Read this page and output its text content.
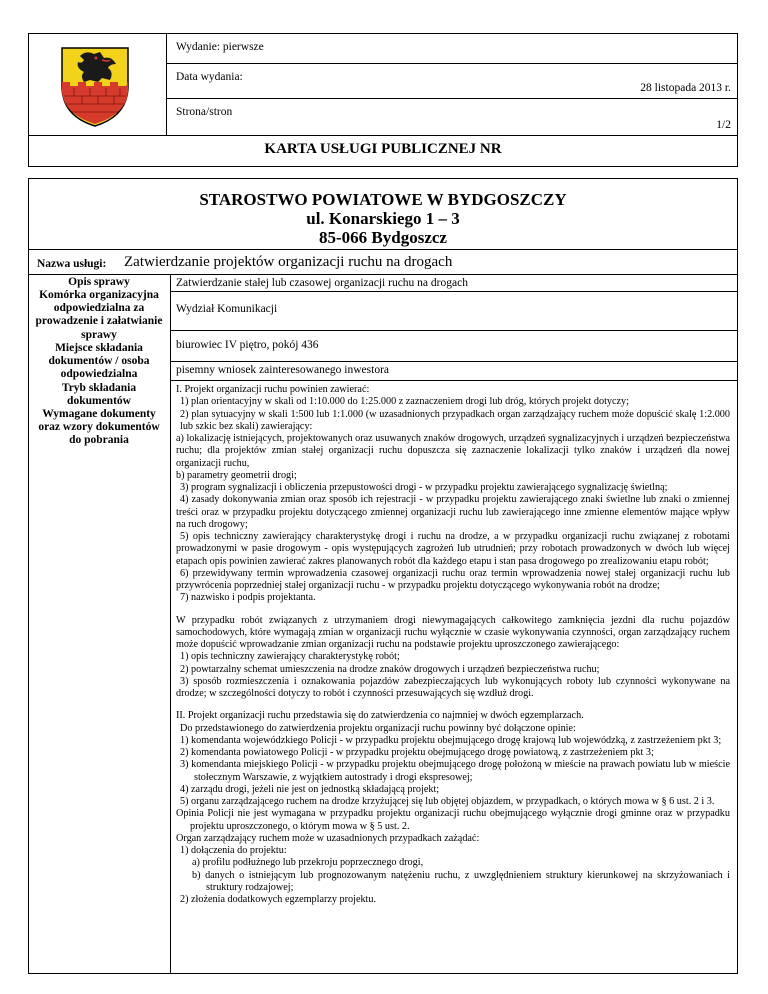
Wydanie: pierwsze
Data wydania:
28 listopada 2013 r.
Strona/stron
1/2
KARTA USŁUGI PUBLICZNEJ NR
STAROSTWO POWIATOWE W BYDGOSZCZY
ul. Konarskiego 1 – 3
85-066 Bydgoszcz
Nazwa usługi: Zatwierdzanie projektów organizacji ruchu na drogach
Opis sprawy
Komórka organizacyjna odpowiedzialna za prowadzenie i załatwianie sprawy
Miejsce składania dokumentów / osoba odpowiedzialna
Tryb składania dokumentów
Wymagane dokumenty oraz wzory dokumentów do pobrania
Zatwierdzanie stałej lub czasowej organizacji ruchu na drogach
Wydział Komunikacji
biurowiec IV piętro, pokój 436
pisemny wniosek zainteresowanego inwestora

I. Projekt organizacji ruchu powinien zawierać:

1) plan orientacyjny w skali od 1:10.000 do 1:25.000 z zaznaczeniem drogi lub dróg, których projekt dotyczy;

2) plan sytuacyjny w skali 1:500 lub 1:1.000 (w uzasadnionych przypadkach organ zarządzający ruchem może dopuścić skalę 1:2.000 lub szkic bez skali) zawierający:

a) lokalizację istniejących, projektowanych oraz usuwanych znaków drogowych, urządzeń sygnalizacyjnych i urządzeń bezpieczeństwa ruchu; dla projektów zmian stałej organizacji ruchu dopuszcza się zaznaczenie lokalizacji tylko znaków i urządzeń dla nowej organizacji ruchu,

b) parametry geometrii drogi;

3) program sygnalizacji i obliczenia przepustowości drogi - w przypadku projektu zawierającego sygnalizację świetlną;

4) zasady dokonywania zmian oraz sposób ich rejestracji - w przypadku projektu zawierającego znaki świetlne lub znaki o zmiennej treści oraz w przypadku projektu dotyczącego zmiennej organizacji ruchu lub zawierającego inne zmienne elementów mające wpływ na ruch drogowy;

5) opis techniczny zawierający charakterystykę drogi i ruchu na drodze, a w przypadku organizacji ruchu związanej z robotami prowadzonymi w pasie drogowym - opis występujących zagrożeń lub utrudnień; przy robotach prowadzonych w dwóch lub więcej etapach opis powinien zawierać zakres planowanych robót dla każdego etapu i stan pasa drogowego po zrealizowaniu etapu robót;

6) przewidywany termin wprowadzenia czasowej organizacji ruchu oraz termin wprowadzenia nowej stałej organizacji ruchu lub przywrócenia poprzedniej stałej organizacji ruchu - w przypadku projektu dotyczącego wykonywania robót na drodze;

7) nazwisko i podpis projektanta.

W przypadku robót związanych z utrzymaniem drogi niewymagających całkowitego zamknięcia jezdni dla ruchu pojazdów samochodowych, które wymagają zmian w organizacji ruchu wyłącznie w czasie wykonywania czynności, organ zarządzający ruchem może dopuścić wprowadzanie zmian organizacji ruchu na podstawie projektu uproszczonego zawierającego:

1) opis techniczny zawierający charakterystykę robót;

2) powtarzalny schemat umieszczenia na drodze znaków drogowych i urządzeń bezpieczeństwa ruchu;

3) sposób rozmieszczenia i oznakowania pojazdów zabezpieczających lub wykonujących roboty lub czynności wykonywane na drodze; w szczególności dotyczy to robót i czynności przesuwających się wzdłuż drogi.

II. Projekt organizacji ruchu przedstawia się do zatwierdzenia co najmniej w dwóch egzemplarzach.

Do przedstawionego do zatwierdzenia projektu organizacji ruchu powinny być dołączone opinie:

1) komendanta wojewódzkiego Policji - w przypadku projektu obejmującego drogę krajową lub wojewódzką, z zastrzeżeniem pkt 3;

2) komendanta powiatowego Policji - w przypadku projektu obejmującego drogę powiatową, z zastrzeżeniem pkt 3;

3) komendanta miejskiego Policji - w przypadku projektu obejmującego drogę położoną w mieście na prawach powiatu lub w mieście stołecznym Warszawie, z wyjątkiem autostrady i drogi ekspresowej;

4) zarządu drogi, jeżeli nie jest on jednostką składającą projekt;

5) organu zarządzającego ruchem na drodze krzyżującej się lub objętej objazdem, w przypadkach, o których mowa w § 6 ust. 2 i 3.

Opinia Policji nie jest wymagana w przypadku projektu organizacji ruchu obejmującego wyłącznie drogi gminne oraz w przypadku projektu uproszczonego, o którym mowa w § 5 ust. 2.

Organ zarządzający ruchem może w uzasadnionych przypadkach zażądać:

1) dołączenia do projektu:

a) profilu podłużnego lub przekroju poprzecznego drogi,

b) danych o istniejącym lub prognozowanym natężeniu ruchu, z uwzględnieniem struktury kierunkowej na skrzyżowaniach i struktury rodzajowej;

2) złożenia dodatkowych egzemplarzy projektu.
